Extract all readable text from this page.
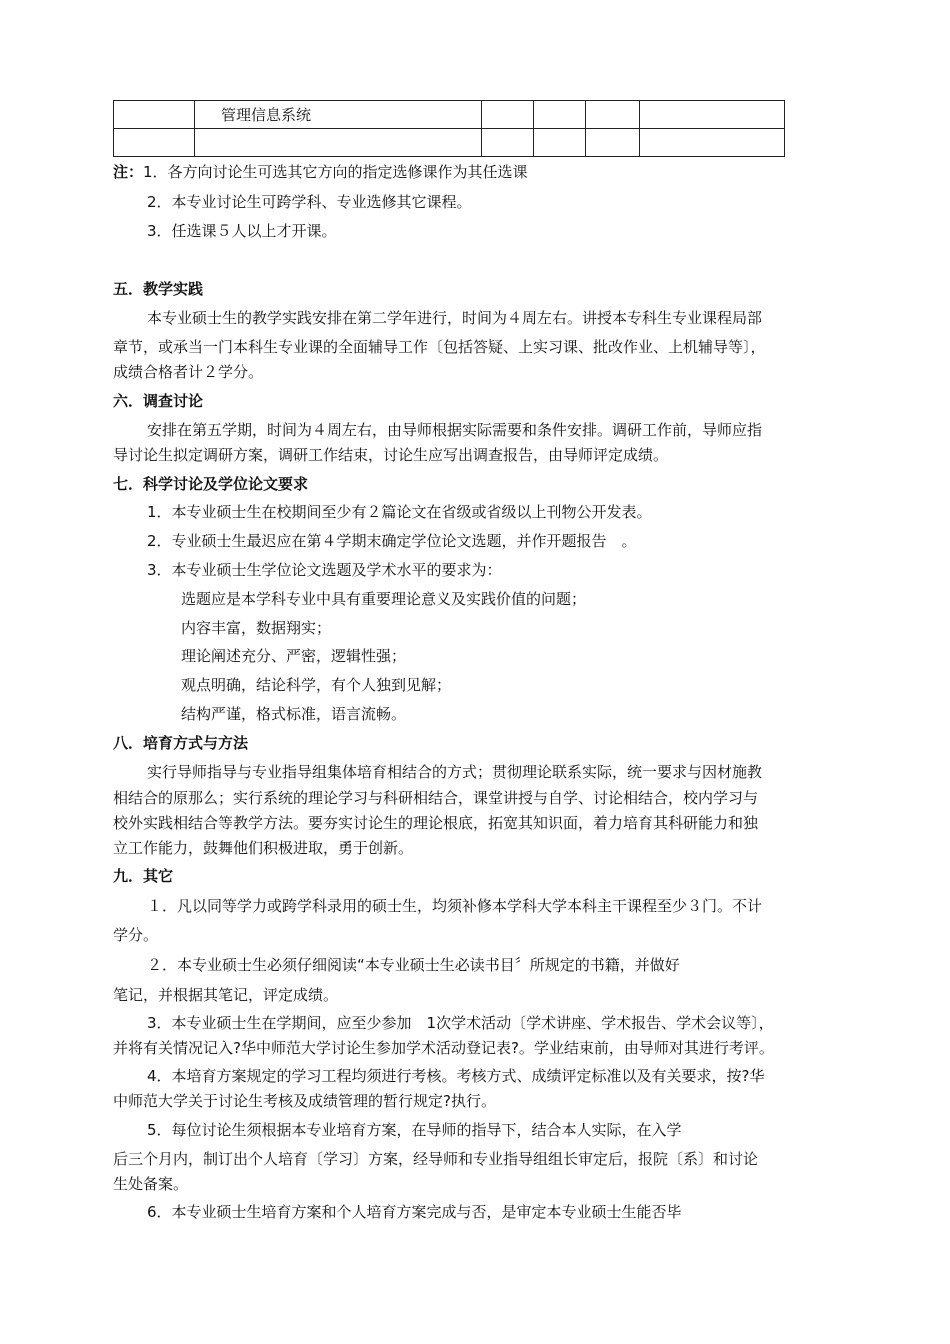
	管理信息系统				

注：1．各方向讨论生可选其它方向的指定选修课作为其任选课
2．本专业讨论生可跨学科、专业选修其它课程。
3．任选课５人以上才开课。
五．教学实践
本专业硕士生的教学实践安排在第二学年进行，时间为４周左右。讲授本专科生专业课程局部
章节，或承当一门本科生专业课的全面辅导工作〔包括答疑、上实习课、批改作业、上机辅导等〕，
成绩合格者计２学分。
六．调查讨论
安排在第五学期，时间为４周左右，由导师根据实际需要和条件安排。调研工作前，导师应指
导讨论生拟定调研方案，调研工作结束，讨论生应写出调查报告，由导师评定成绩。
七．科学讨论及学位论文要求
1．本专业硕士生在校期间至少有２篇论文在省级或省级以上刊物公开发表。
2．专业硕士生最迟应在第４学期末确定学位论文选题，并作开题报告　。
3．本专业硕士生学位论文选题及学术水平的要求为：
选题应是本学科专业中具有重要理论意义及实践价值的问题；
内容丰富，数据翔实；
理论阐述充分、严密，逻辑性强；
观点明确，结论科学，有个人独到见解；
结构严谨，格式标准，语言流畅。
八．培育方式与方法
实行导师指导与专业指导组集体培育相结合的方式；贯彻理论联系实际，统一要求与因材施教
相结合的原那么；实行系统的理论学习与科研相结合，课堂讲授与自学、讨论相结合，校内学习与
校外实践相结合等教学方法。要夯实讨论生的理论根底，拓宽其知识面，着力培育其科研能力和独
立工作能力，鼓舞他们积极进取，勇于创新。
九．其它
１．凡以同等学力或跨学科录用的硕士生，均须补修本学科大学本科主干课程至少３门。不计
学分。
２．本专业硕士生必须仔细阅读“本专业硕士生必读书目〞所规定的书籍，并做好
笔记，并根据其笔记，评定成绩。
3．本专业硕士生在学期间，应至少参加　1次学术活动〔学术讲座、学术报告、学术会议等〕，
并将有关情况记入?华中师范大学讨论生参加学术活动登记表?。学业结束前，由导师对其进行考评。
4．本培育方案规定的学习工程均须进行考核。考核方式、成绩评定标准以及有关要求，按?华
中师范大学关于讨论生考核及成绩管理的暂行规定?执行。
5．每位讨论生须根据本专业培育方案，在导师的指导下，结合本人实际，在入学
后三个月内，制订出个人培育〔学习〕方案，经导师和专业指导组组长审定后，报院〔系〕和讨论
生处备案。
6．本专业硕士生培育方案和个人培育方案完成与否，是审定本专业硕士生能否毕
